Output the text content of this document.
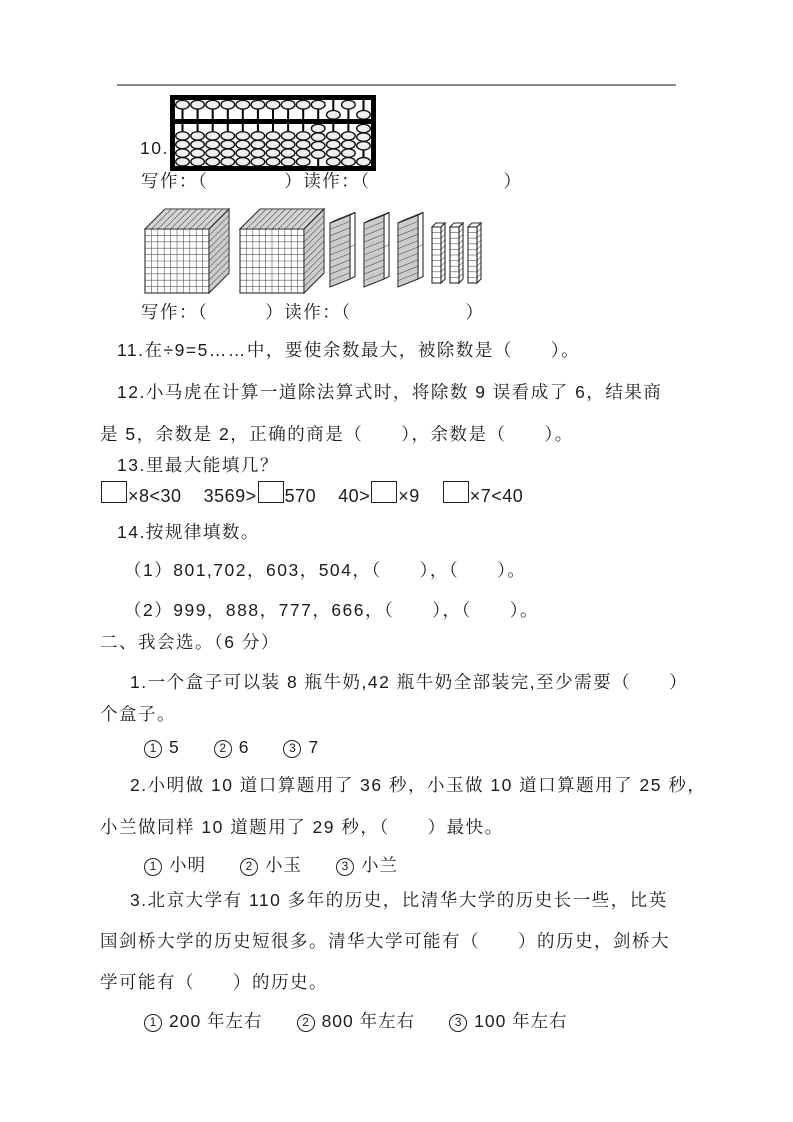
10.
写作：（　　　　）读作：（　　　　　　　）
写作：（　　　）读作：（　　　　　　）
11.在÷9=5……中，要使余数最大，被除数是（　　）。
12.小马虎在计算一道除法算式时，将除数 9 误看成了 6，结果商
是 5，余数是 2，正确的商是（　　），余数是（　　）。
13.里最大能填几？
×8<30 3569> 570 40> ×9	×7<40
14.按规律填数。
（1）801,702，603，504，（　　），（　　）。
（2）999，888，777，666，（　　），（　　）。
二、我会选。（6 分）
1.一个盒子可以装 8 瓶牛奶,42 瓶牛奶全部装完,至少需要（　　）
个盒子。
1 5	2 6	3 7
2.小明做 10 道口算题用了 36 秒，小玉做 10 道口算题用了 25 秒，
小兰做同样 10 道题用了 29 秒，（　　）最快。
1 小明	2 小玉	3 小兰
3.北京大学有 110 多年的历史，比清华大学的历史长一些，比英
国剑桥大学的历史短很多。清华大学可能有（　　）的历史，剑桥大
学可能有（　　）的历史。
1 200 年左右	2 800 年左右	3 100 年左右
